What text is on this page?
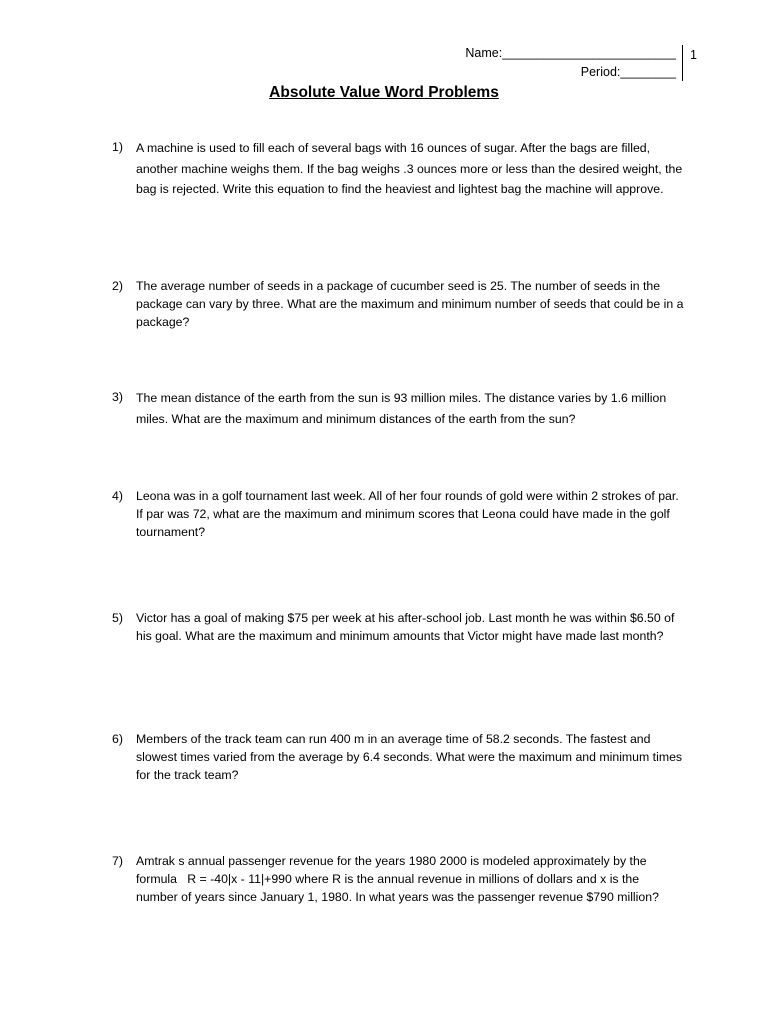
Name:_________________________
Period:________
1
Absolute Value Word Problems
1)	A machine is used to fill each of several bags with 16 ounces of sugar. After the bags are filled, another machine weighs them. If the bag weighs .3 ounces more or less than the desired weight, the bag is rejected. Write this equation to find the heaviest and lightest bag the machine will approve.
2)	The average number of seeds in a package of cucumber seed is 25. The number of seeds in the package can vary by three. What are the maximum and minimum number of seeds that could be in a package?
3)	The mean distance of the earth from the sun is 93 million miles. The distance varies by 1.6 million miles. What are the maximum and minimum distances of the earth from the sun?
4)	Leona was in a golf tournament last week. All of her four rounds of gold were within 2 strokes of par. If par was 72, what are the maximum and minimum scores that Leona could have made in the golf tournament?
5)	Victor has a goal of making $75 per week at his after-school job. Last month he was within $6.50 of his goal. What are the maximum and minimum amounts that Victor might have made last month?
6)	Members of the track team can run 400 m in an average time of 58.2 seconds. The fastest and slowest times varied from the average by 6.4 seconds. What were the maximum and minimum times for the track team?
7)	Amtrak s annual passenger revenue for the years 1980 2000 is modeled approximately by the formula   R = -40|x - 11|+990 where R is the annual revenue in millions of dollars and x is the number of years since January 1, 1980. In what years was the passenger revenue $790 million?
